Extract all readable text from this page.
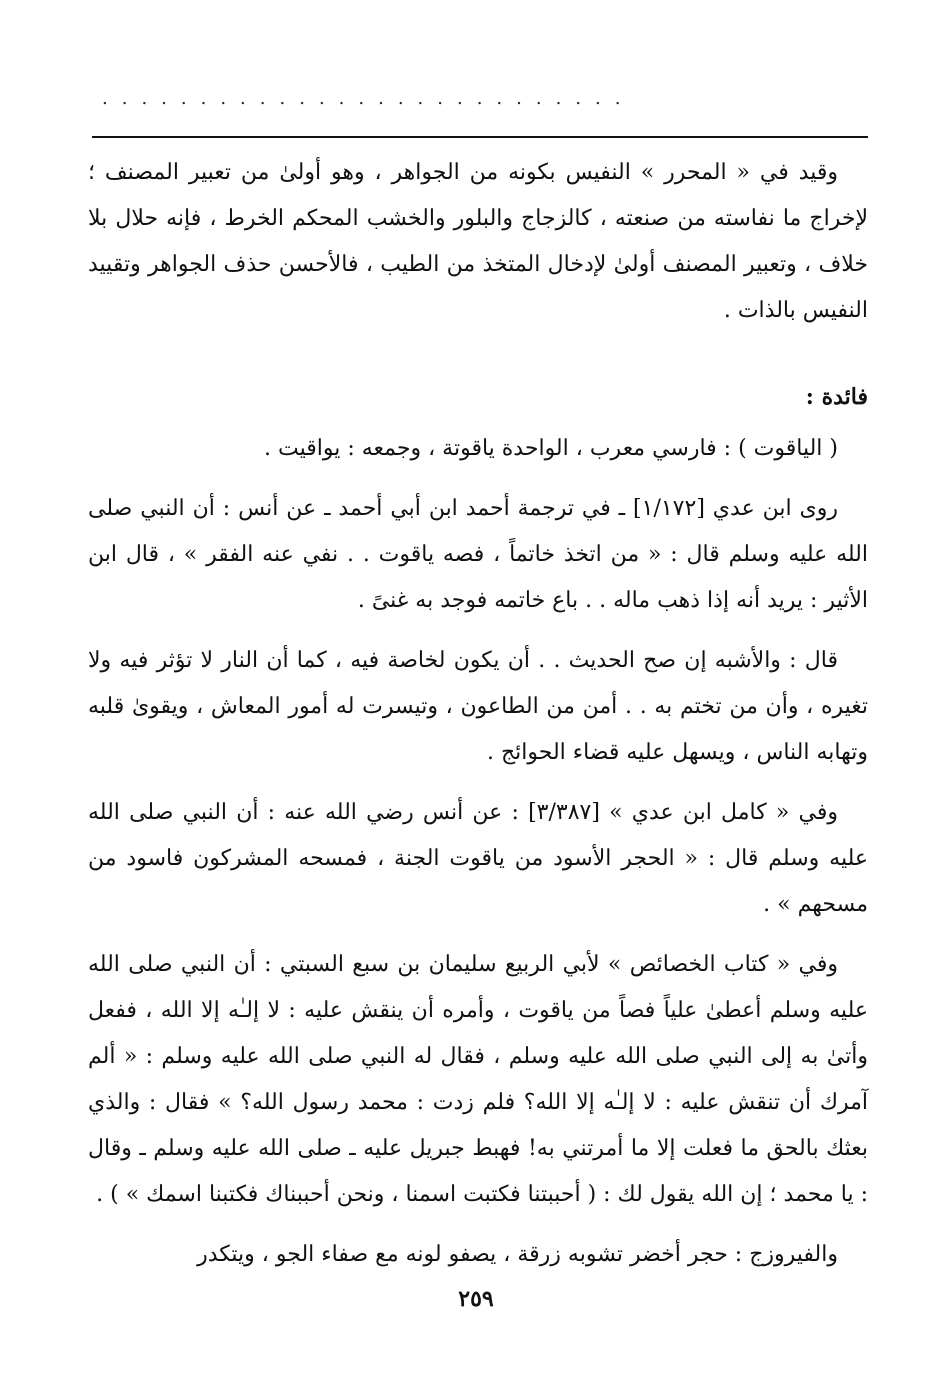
...........................

وقيد في « المحرر » النفيس بكونه من الجواهر ، وهو أولىٰ من تعبير المصنف ؛ لإخراج ما نفاسته من صنعته ، كالزجاج والبلور والخشب المحكم الخرط ، فإنه حلال بلا خلاف ، وتعبير المصنف أولىٰ لإدخال المتخذ من الطيب ، فالأحسن حذف الجواهر وتقييد النفيس بالذات .

فائدة :

( الياقوت ) : فارسي معرب ، الواحدة ياقوتة ، وجمعه : يواقيت .

روى ابن عدي [١/١٧٢] ـ في ترجمة أحمد ابن أبي أحمد ـ عن أنس : أن النبي صلى الله عليه وسلم قال : « من اتخذ خاتماً ، فصه ياقوت . . نفي عنه الفقر » ، قال ابن الأثير : يريد أنه إذا ذهب ماله . . باع خاتمه فوجد به غنىً .

قال : والأشبه إن صح الحديث . . أن يكون لخاصة فيه ، كما أن النار لا تؤثر فيه ولا تغيره ، وأن من تختم به . . أمن من الطاعون ، وتيسرت له أمور المعاش ، ويقوىٰ قلبه وتهابه الناس ، ويسهل عليه قضاء الحوائج .

وفي « كامل ابن عدي » [٣/٣٨٧] : عن أنس رضي الله عنه : أن النبي صلى الله عليه وسلم قال : « الحجر الأسود من ياقوت الجنة ، فمسحه المشركون فاسود من مسحهم » .

وفي « كتاب الخصائص » لأبي الربيع سليمان بن سبع السبتي : أن النبي صلى الله عليه وسلم أعطىٰ علياً فصاً من ياقوت ، وأمره أن ينقش عليه : لا إلـٰه إلا الله ، ففعل وأتىٰ به إلى النبي صلى الله عليه وسلم ، فقال له النبي صلى الله عليه وسلم : « ألم آمرك أن تنقش عليه : لا إلـٰه إلا الله؟ فلم زدت : محمد رسول الله؟ » فقال : والذي بعثك بالحق ما فعلت إلا ما أمرتني به! فهبط جبريل عليه ـ صلى الله عليه وسلم ـ وقال : يا محمد ؛ إن الله يقول لك : ( أحببتنا فكتبت اسمنا ، ونحن أحببناك فكتبنا اسمك » ) .

والفيروزج : حجر أخضر تشوبه زرقة ، يصفو لونه مع صفاء الجو ، ويتكدر

٢٥٩
